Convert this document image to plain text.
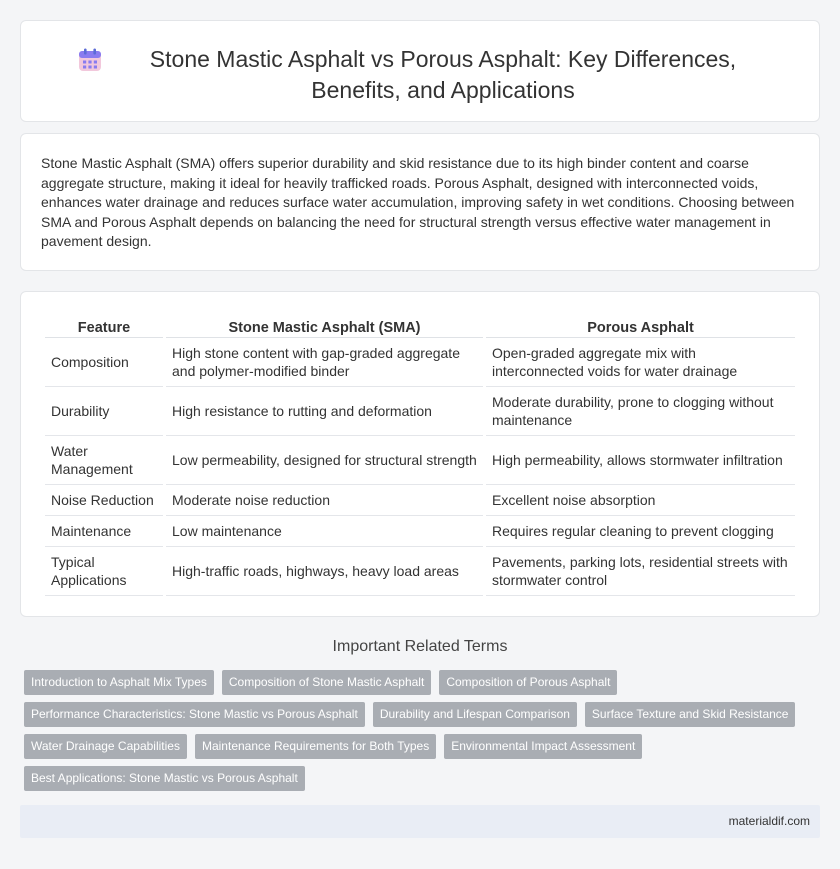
Stone Mastic Asphalt vs Porous Asphalt: Key Differences, Benefits, and Applications

Stone Mastic Asphalt (SMA) offers superior durability and skid resistance due to its high binder content and coarse aggregate structure, making it ideal for heavily trafficked roads. Porous Asphalt, designed with interconnected voids, enhances water drainage and reduces surface water accumulation, improving safety in wet conditions. Choosing between SMA and Porous Asphalt depends on balancing the need for structural strength versus effective water management in pavement design.

Feature	Stone Mastic Asphalt (SMA)	Porous Asphalt
Composition	High stone content with gap-graded aggregate and polymer-modified binder	Open-graded aggregate mix with interconnected voids for water drainage
Durability	High resistance to rutting and deformation	Moderate durability, prone to clogging without maintenance
Water Management	Low permeability, designed for structural strength	High permeability, allows stormwater infiltration
Noise Reduction	Moderate noise reduction	Excellent noise absorption
Maintenance	Low maintenance	Requires regular cleaning to prevent clogging
Typical Applications	High-traffic roads, highways, heavy load areas	Pavements, parking lots, residential streets with stormwater control
Important Related Terms
Introduction to Asphalt Mix Types	Composition of Stone Mastic Asphalt	Composition of Porous Asphalt
Performance Characteristics: Stone Mastic vs Porous Asphalt	Durability and Lifespan Comparison	Surface Texture and Skid Resistance
Water Drainage Capabilities	Maintenance Requirements for Both Types	Environmental Impact Assessment
Best Applications: Stone Mastic vs Porous Asphalt
materialdif.com
